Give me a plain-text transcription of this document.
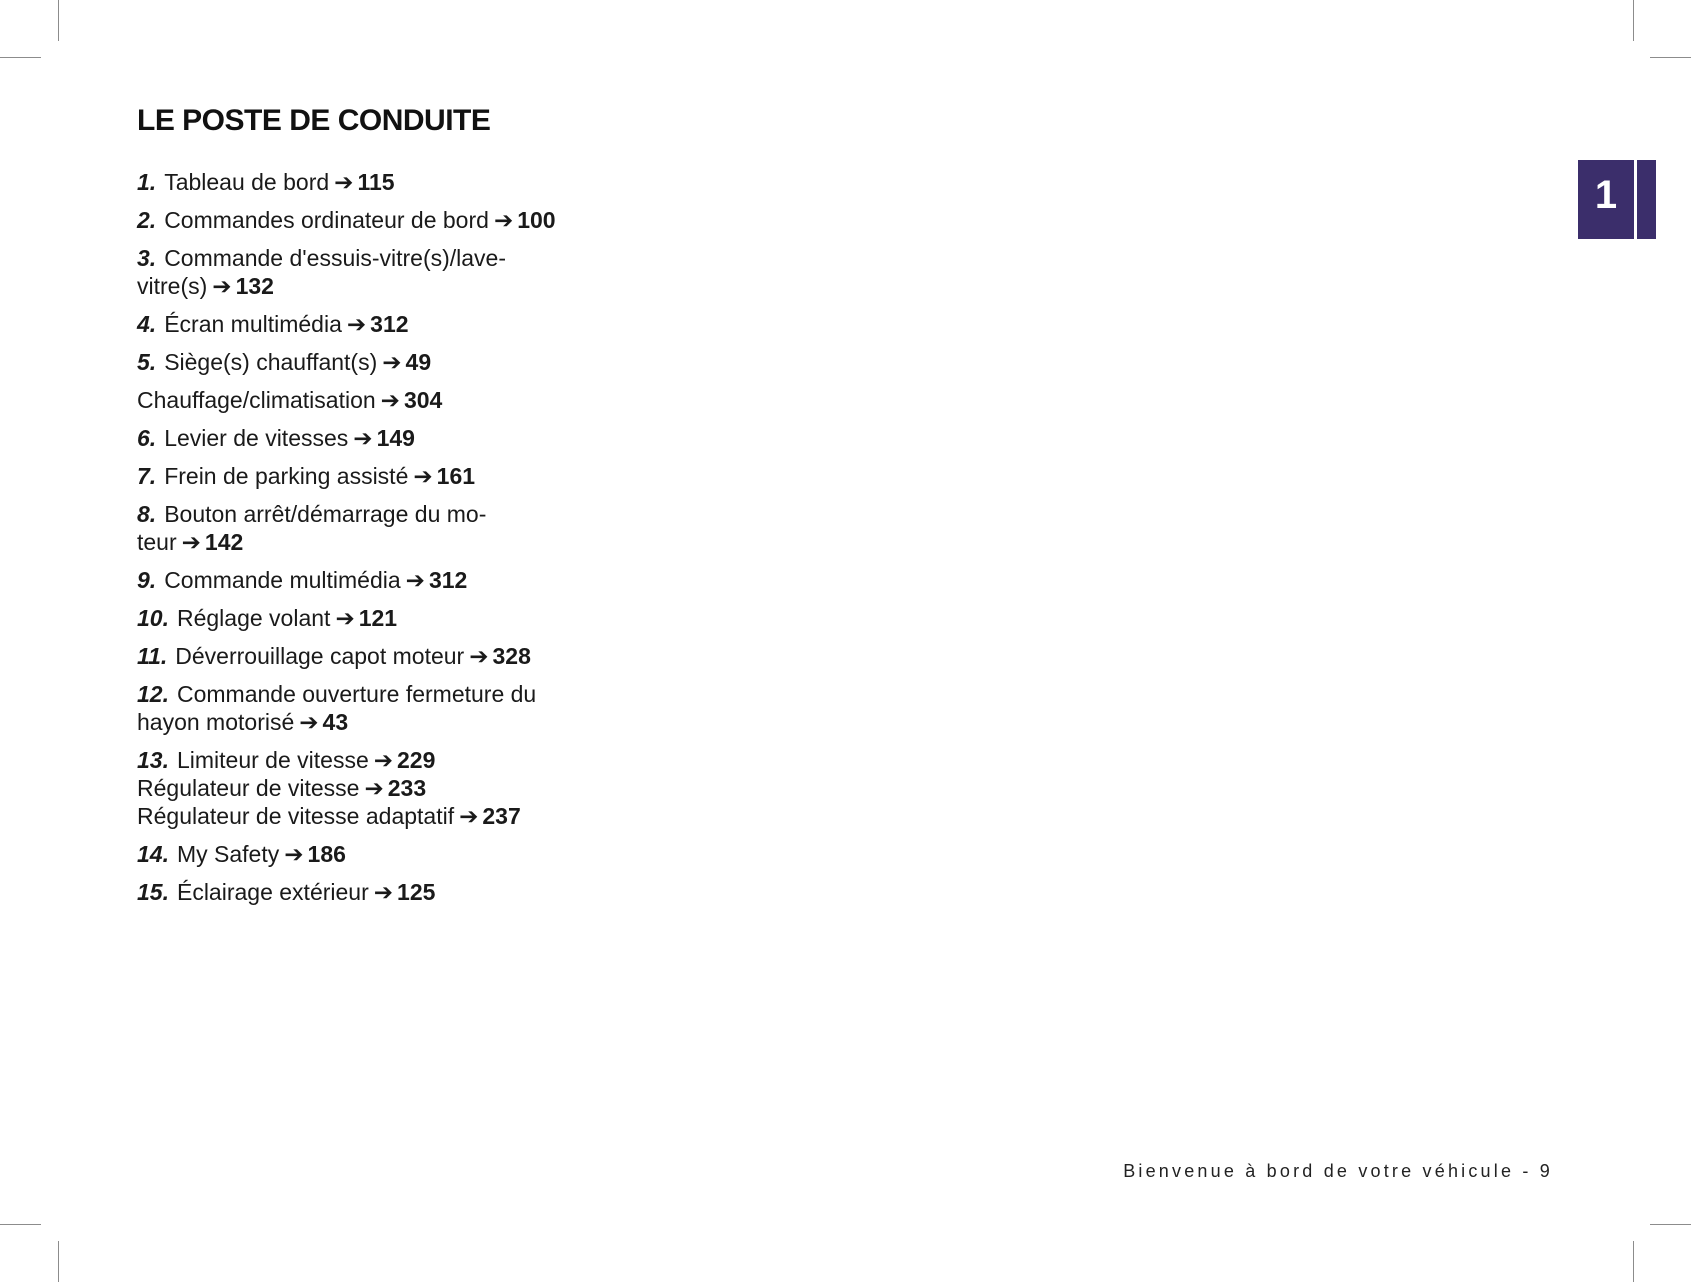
LE POSTE DE CONDUITE
1. Tableau de bord ➔ 115
2. Commandes ordinateur de bord ➔ 100
3. Commande d'essuis-vitre(s)/lave-vitre(s) ➔ 132
4. Écran multimédia ➔ 312
5. Siège(s) chauffant(s) ➔ 49
Chauffage/climatisation ➔ 304
6. Levier de vitesses ➔ 149
7. Frein de parking assisté ➔ 161
8. Bouton arrêt/démarrage du mo-teur ➔ 142
9. Commande multimédia ➔ 312
10. Réglage volant ➔ 121
11. Déverrouillage capot moteur ➔ 328
12. Commande ouverture fermeture du hayon motorisé ➔ 43
13. Limiteur de vitesse ➔ 229
Régulateur de vitesse ➔ 233
Régulateur de vitesse adaptatif ➔ 237
14. My Safety ➔ 186
15. Éclairage extérieur ➔ 125
1
Bienvenue à bord de votre véhicule - 9
